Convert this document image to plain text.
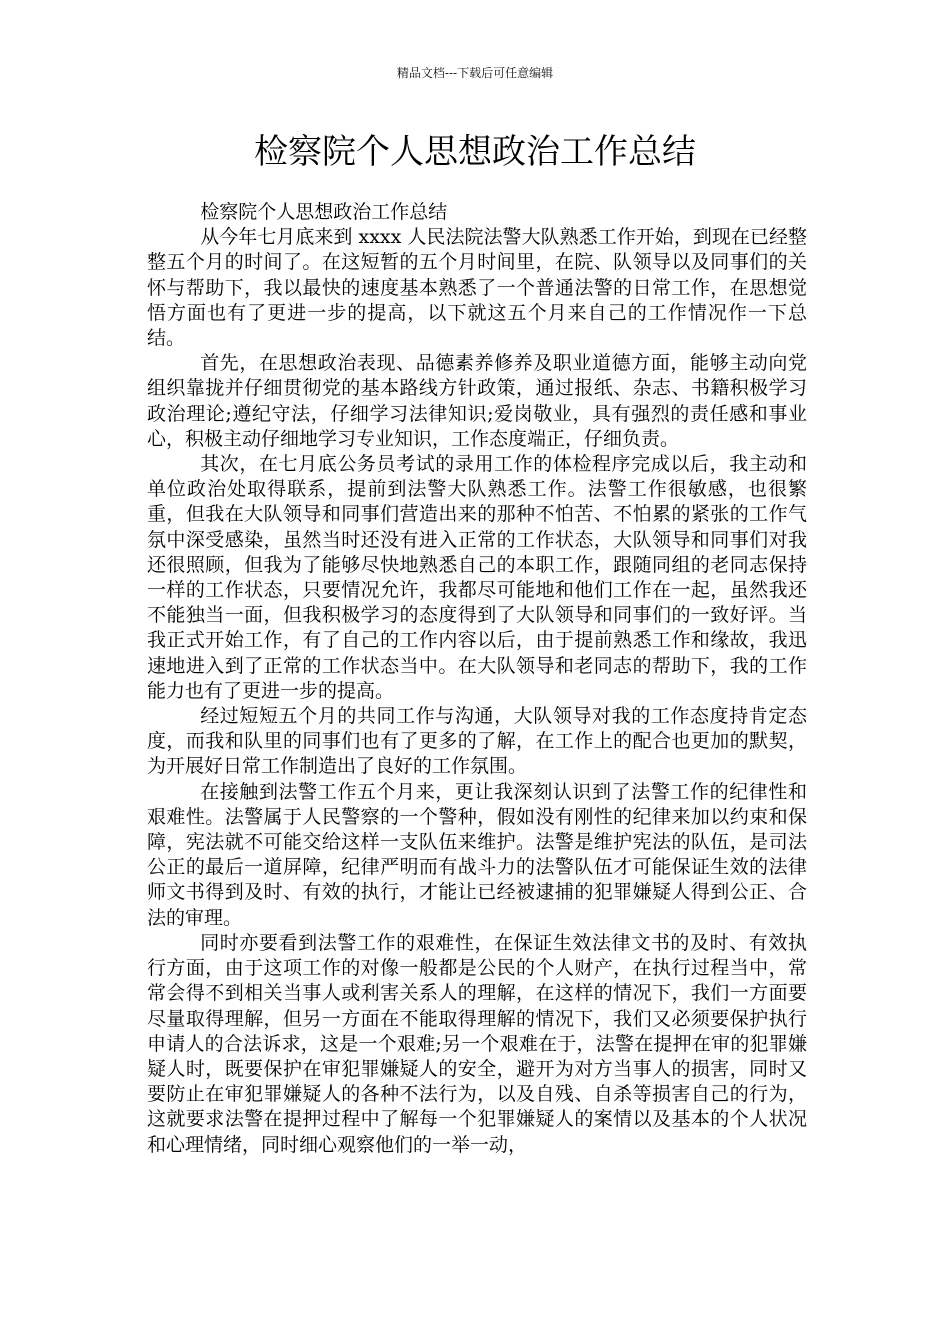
精品文档---下载后可任意编辑
检察院个人思想政治工作总结

检察院个人思想政治工作总结

从今年七月底来到 xxxx 人民法院法警大队熟悉工作开始，到现在已经整整五个月的时间了。在这短暂的五个月时间里，在院、队领导以及同事们的关怀与帮助下，我以最快的速度基本熟悉了一个普通法警的日常工作，在思想觉悟方面也有了更进一步的提高，以下就这五个月来自己的工作情况作一下总结。

首先，在思想政治表现、品德素养修养及职业道德方面，能够主动向党组织靠拢并仔细贯彻党的基本路线方针政策，通过报纸、杂志、书籍积极学习政治理论;遵纪守法，仔细学习法律知识;爱岗敬业，具有强烈的责任感和事业心，积极主动仔细地学习专业知识，工作态度端正，仔细负责。

其次，在七月底公务员考试的录用工作的体检程序完成以后，我主动和单位政治处取得联系，提前到法警大队熟悉工作。法警工作很敏感，也很繁重，但我在大队领导和同事们营造出来的那种不怕苦、不怕累的紧张的工作气氛中深受感染，虽然当时还没有进入正常的工作状态，大队领导和同事们对我还很照顾，但我为了能够尽快地熟悉自己的本职工作，跟随同组的老同志保持一样的工作状态，只要情况允许，我都尽可能地和他们工作在一起，虽然我还不能独当一面，但我积极学习的态度得到了大队领导和同事们的一致好评。当我正式开始工作，有了自己的工作内容以后，由于提前熟悉工作和缘故，我迅速地进入到了正常的工作状态当中。在大队领导和老同志的帮助下，我的工作能力也有了更进一步的提高。

经过短短五个月的共同工作与沟通，大队领导对我的工作态度持肯定态度，而我和队里的同事们也有了更多的了解，在工作上的配合也更加的默契，为开展好日常工作制造出了良好的工作氛围。

在接触到法警工作五个月来，更让我深刻认识到了法警工作的纪律性和艰难性。法警属于人民警察的一个警种，假如没有刚性的纪律来加以约束和保障，宪法就不可能交给这样一支队伍来维护。法警是维护宪法的队伍，是司法公正的最后一道屏障，纪律严明而有战斗力的法警队伍才可能保证生效的法律师文书得到及时、有效的执行，才能让已经被逮捕的犯罪嫌疑人得到公正、合法的审理。

同时亦要看到法警工作的艰难性，在保证生效法律文书的及时、有效执行方面，由于这项工作的对像一般都是公民的个人财产，在执行过程当中，常常会得不到相关当事人或利害关系人的理解，在这样的情况下，我们一方面要尽量取得理解，但另一方面在不能取得理解的情况下，我们又必须要保护执行申请人的合法诉求，这是一个艰难;另一个艰难在于，法警在提押在审的犯罪嫌疑人时，既要保护在审犯罪嫌疑人的安全，避开为对方当事人的损害，同时又要防止在审犯罪嫌疑人的各种不法行为，以及自残、自杀等损害自己的行为，这就要求法警在提押过程中了解每一个犯罪嫌疑人的案情以及基本的个人状况和心理情绪，同时细心观察他们的一举一动，
